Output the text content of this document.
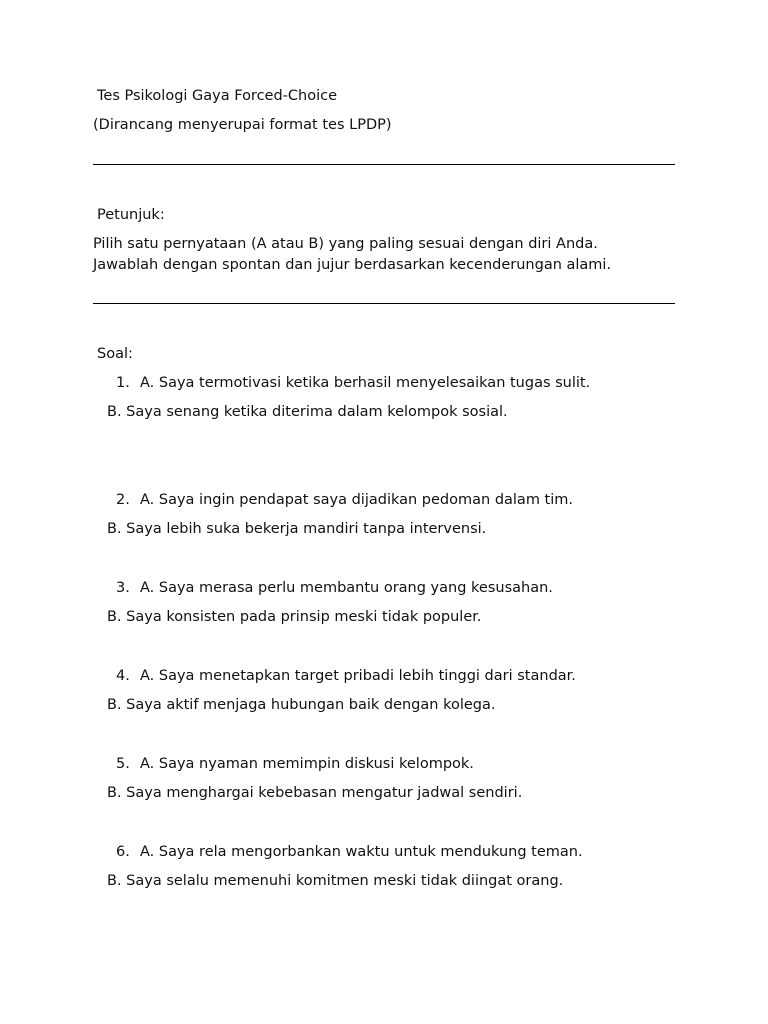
Tes Psikologi Gaya Forced-Choice
(Dirancang menyerupai format tes LPDP)
Petunjuk:
Pilih satu pernyataan (A atau B) yang paling sesuai dengan diri Anda.
Jawablah dengan spontan dan jujur berdasarkan kecenderungan alami.
Soal:
1. A. Saya termotivasi ketika berhasil menyelesaikan tugas sulit.
B. Saya senang ketika diterima dalam kelompok sosial.
2. A. Saya ingin pendapat saya dijadikan pedoman dalam tim.
B. Saya lebih suka bekerja mandiri tanpa intervensi.
3. A. Saya merasa perlu membantu orang yang kesusahan.
B. Saya konsisten pada prinsip meski tidak populer.
4. A. Saya menetapkan target pribadi lebih tinggi dari standar.
B. Saya aktif menjaga hubungan baik dengan kolega.
5. A. Saya nyaman memimpin diskusi kelompok.
B. Saya menghargai kebebasan mengatur jadwal sendiri.
6. A. Saya rela mengorbankan waktu untuk mendukung teman.
B. Saya selalu memenuhi komitmen meski tidak diingat orang.
